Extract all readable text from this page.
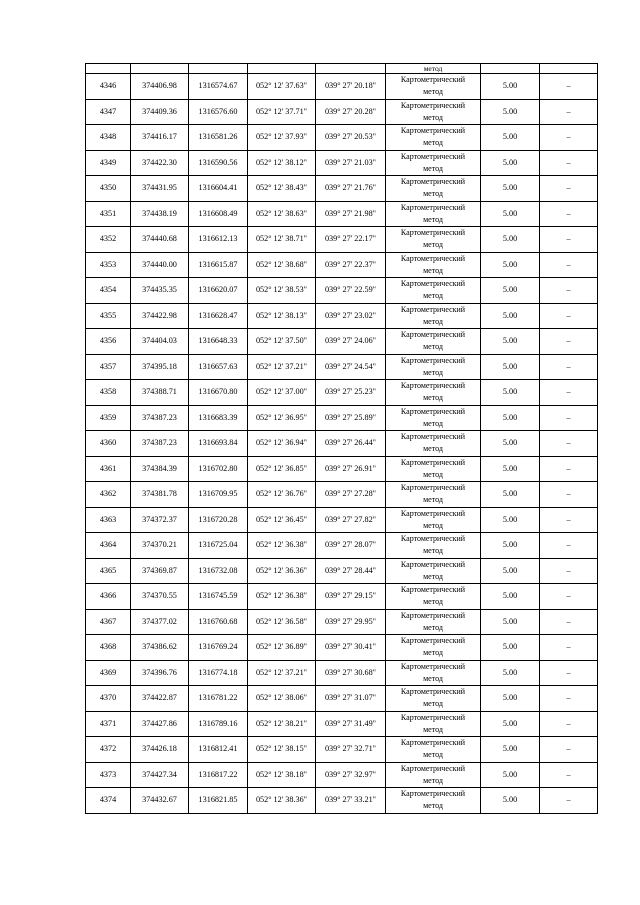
					метод		
4346	374406.98	1316574.67	052° 12' 37.63"	039° 27' 20.18"	Картометрический
метод	5.00	–
4347	374409.36	1316576.60	052° 12' 37.71"	039° 27' 20.28"	Картометрический
метод	5.00	–
4348	374416.17	1316581.26	052° 12' 37.93"	039° 27' 20.53"	Картометрический
метод	5.00	–
4349	374422.30	1316590.56	052° 12' 38.12"	039° 27' 21.03"	Картометрический
метод	5.00	–
4350	374431.95	1316604.41	052° 12' 38.43"	039° 27' 21.76"	Картометрический
метод	5.00	–
4351	374438.19	1316608.49	052° 12' 38.63"	039° 27' 21.98"	Картометрический
метод	5.00	–
4352	374440.68	1316612.13	052° 12' 38.71"	039° 27' 22.17"	Картометрический
метод	5.00	–
4353	374440.00	1316615.87	052° 12' 38.68"	039° 27' 22.37"	Картометрический
метод	5.00	–
4354	374435.35	1316620.07	052° 12' 38.53"	039° 27' 22.59"	Картометрический
метод	5.00	–
4355	374422.98	1316628.47	052° 12' 38.13"	039° 27' 23.02"	Картометрический
метод	5.00	–
4356	374404.03	1316648.33	052° 12' 37.50"	039° 27' 24.06"	Картометрический
метод	5.00	–
4357	374395.18	1316657.63	052° 12' 37.21"	039° 27' 24.54"	Картометрический
метод	5.00	–
4358	374388.71	1316670.80	052° 12' 37.00"	039° 27' 25.23"	Картометрический
метод	5.00	–
4359	374387.23	1316683.39	052° 12' 36.95"	039° 27' 25.89"	Картометрический
метод	5.00	–
4360	374387.23	1316693.84	052° 12' 36.94"	039° 27' 26.44"	Картометрический
метод	5.00	–
4361	374384.39	1316702.80	052° 12' 36.85"	039° 27' 26.91"	Картометрический
метод	5.00	–
4362	374381.78	1316709.95	052° 12' 36.76"	039° 27' 27.28"	Картометрический
метод	5.00	–
4363	374372.37	1316720.28	052° 12' 36.45"	039° 27' 27.82"	Картометрический
метод	5.00	–
4364	374370.21	1316725.04	052° 12' 36.38"	039° 27' 28.07"	Картометрический
метод	5.00	–
4365	374369.87	1316732.08	052° 12' 36.36"	039° 27' 28.44"	Картометрический
метод	5.00	–
4366	374370.55	1316745.59	052° 12' 36.38"	039° 27' 29.15"	Картометрический
метод	5.00	–
4367	374377.02	1316760.68	052° 12' 36.58"	039° 27' 29.95"	Картометрический
метод	5.00	–
4368	374386.62	1316769.24	052° 12' 36.89"	039° 27' 30.41"	Картометрический
метод	5.00	–
4369	374396.76	1316774.18	052° 12' 37.21"	039° 27' 30.68"	Картометрический
метод	5.00	–
4370	374422.87	1316781.22	052° 12' 38.06"	039° 27' 31.07"	Картометрический
метод	5.00	–
4371	374427.86	1316789.16	052° 12' 38.21"	039° 27' 31.49"	Картометрический
метод	5.00	–
4372	374426.18	1316812.41	052° 12' 38.15"	039° 27' 32.71"	Картометрический
метод	5.00	–
4373	374427.34	1316817.22	052° 12' 38.18"	039° 27' 32.97"	Картометрический
метод	5.00	–
4374	374432.67	1316821.85	052° 12' 38.36"	039° 27' 33.21"	Картометрический
метод	5.00	–
